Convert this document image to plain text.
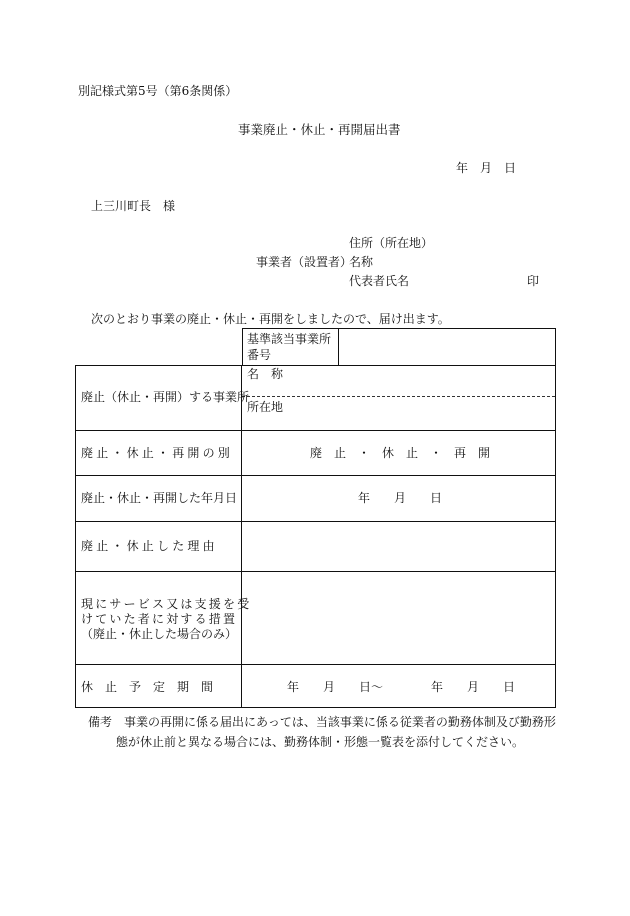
別記様式第5号（第6条関係）
事業廃止・休止・再開届出書
年　月　日
上三川町長　様
住所（所在地）
事業者（設置者）
名称
代表者氏名	印
次のとおり事業の廃止・休止・再開をしましたので、届け出ます。
基準該当事業所
番号
廃止（休止・再開）する事業所
名　称
所在地
廃止・休止・再開の別	廃　止　・　休　止　・　再　開
廃止・休止・再開した年月日	年　　月　　日
廃止・休止した理由
現にサービス又は支援を受
けていた者に対する措置
（廃止・休止した場合のみ）
休　止　予　定　期　間	年　　月　　日～　　　　年　　月　　日
備考　事業の再開に係る届出にあっては、当該事業に係る従業者の勤務体制及び勤務形
態が休止前と異なる場合には、勤務体制・形態一覧表を添付してください。
